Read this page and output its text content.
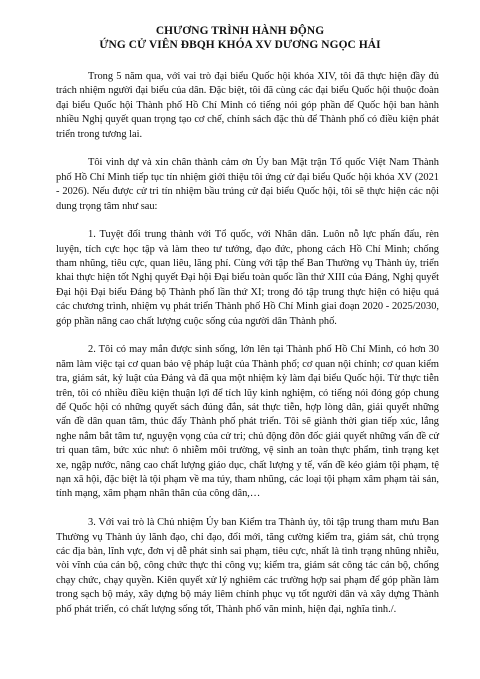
CHƯƠNG TRÌNH HÀNH ĐỘNG
ỨNG CỬ VIÊN ĐBQH KHÓA XV DƯƠNG NGỌC HẢI

Trong 5 năm qua, với vai trò đại biểu Quốc hội khóa XIV, tôi đã thực hiện đầy đủ trách nhiệm người đại biểu của dân. Đặc biệt, tôi đã cùng các đại biểu Quốc hội thuộc đoàn đại biểu Quốc hội Thành phố Hồ Chí Minh có tiếng nói góp phần để Quốc hội ban hành nhiều Nghị quyết quan trọng tạo cơ chế, chính sách đặc thù để Thành phố có điều kiện phát triển trong tương lai.

Tôi vinh dự và xin chân thành cảm ơn Ủy ban Mặt trận Tổ quốc Việt Nam Thành phố Hồ Chí Minh tiếp tục tín nhiệm giới thiệu tôi ứng cử đại biểu Quốc hội khóa XV (2021 - 2026). Nếu được cử tri tín nhiệm bầu trúng cử đại biểu Quốc hội, tôi sẽ thực hiện các nội dung trọng tâm như sau:

1. Tuyệt đối trung thành với Tổ quốc, với Nhân dân. Luôn nỗ lực phấn đấu, rèn luyện, tích cực học tập và làm theo tư tưởng, đạo đức, phong cách Hồ Chí Minh; chống tham nhũng, tiêu cực, quan liêu, lãng phí. Cùng với tập thể Ban Thường vụ Thành ủy, triển khai thực hiện tốt Nghị quyết Đại hội Đại biểu toàn quốc lần thứ XIII của Đảng, Nghị quyết Đại hội Đại biểu Đảng bộ Thành phố lần thứ XI; trong đó tập trung thực hiện có hiệu quả các chương trình, nhiệm vụ phát triển Thành phố Hồ Chí Minh giai đoạn 2020 - 2025/2030, góp phần nâng cao chất lượng cuộc sống của người dân Thành phố.

2. Tôi có may mắn được sinh sống, lớn lên tại Thành phố Hồ Chí Minh, có hơn 30 năm làm việc tại cơ quan bảo vệ pháp luật của Thành phố; cơ quan nội chính; cơ quan kiểm tra, giám sát, kỷ luật của Đảng và đã qua một nhiệm kỳ làm đại biểu Quốc hội. Từ thực tiễn trên, tôi có nhiều điều kiện thuận lợi để tích lũy kinh nghiệm, có tiếng nói đóng góp chung để Quốc hội có những quyết sách đúng đắn, sát thực tiễn, hợp lòng dân, giải quyết những vấn đề dân quan tâm, thúc đẩy Thành phố phát triển. Tôi sẽ giành thời gian tiếp xúc, lắng nghe nắm bắt tâm tư, nguyện vọng của cử tri; chủ động đôn đốc giải quyết những vấn đề cử tri quan tâm, bức xúc như: ô nhiễm môi trường, vệ sinh an toàn thực phẩm, tình trạng kẹt xe, ngập nước, nâng cao chất lượng giáo dục, chất lượng y tế, vấn đề kéo giảm tội phạm, tệ nạn xã hội, đặc biệt là tội phạm về ma túy, tham nhũng, các loại tội phạm xâm phạm tài sản, tính mạng, xâm phạm nhân thân của công dân,…

3. Với vai trò là Chủ nhiệm Ủy ban Kiểm tra Thành ủy, tôi tập trung tham mưu Ban Thường vụ Thành ủy lãnh đạo, chỉ đạo, đổi mới, tăng cường kiểm tra, giám sát, chủ trọng các địa bàn, lĩnh vực, đơn vị dễ phát sinh sai phạm, tiêu cực, nhất là tình trạng nhũng nhiễu, vòi vĩnh của cán bộ, công chức thực thi công vụ; kiểm tra, giám sát công tác cán bộ, chống chạy chức, chạy quyền. Kiên quyết xử lý nghiêm các trường hợp sai phạm để góp phần làm trong sạch bộ máy, xây dựng bộ máy liêm chính phục vụ tốt người dân và xây dựng Thành phố phát triển, có chất lượng sống tốt, Thành phố văn minh, hiện đại, nghĩa tình./.
